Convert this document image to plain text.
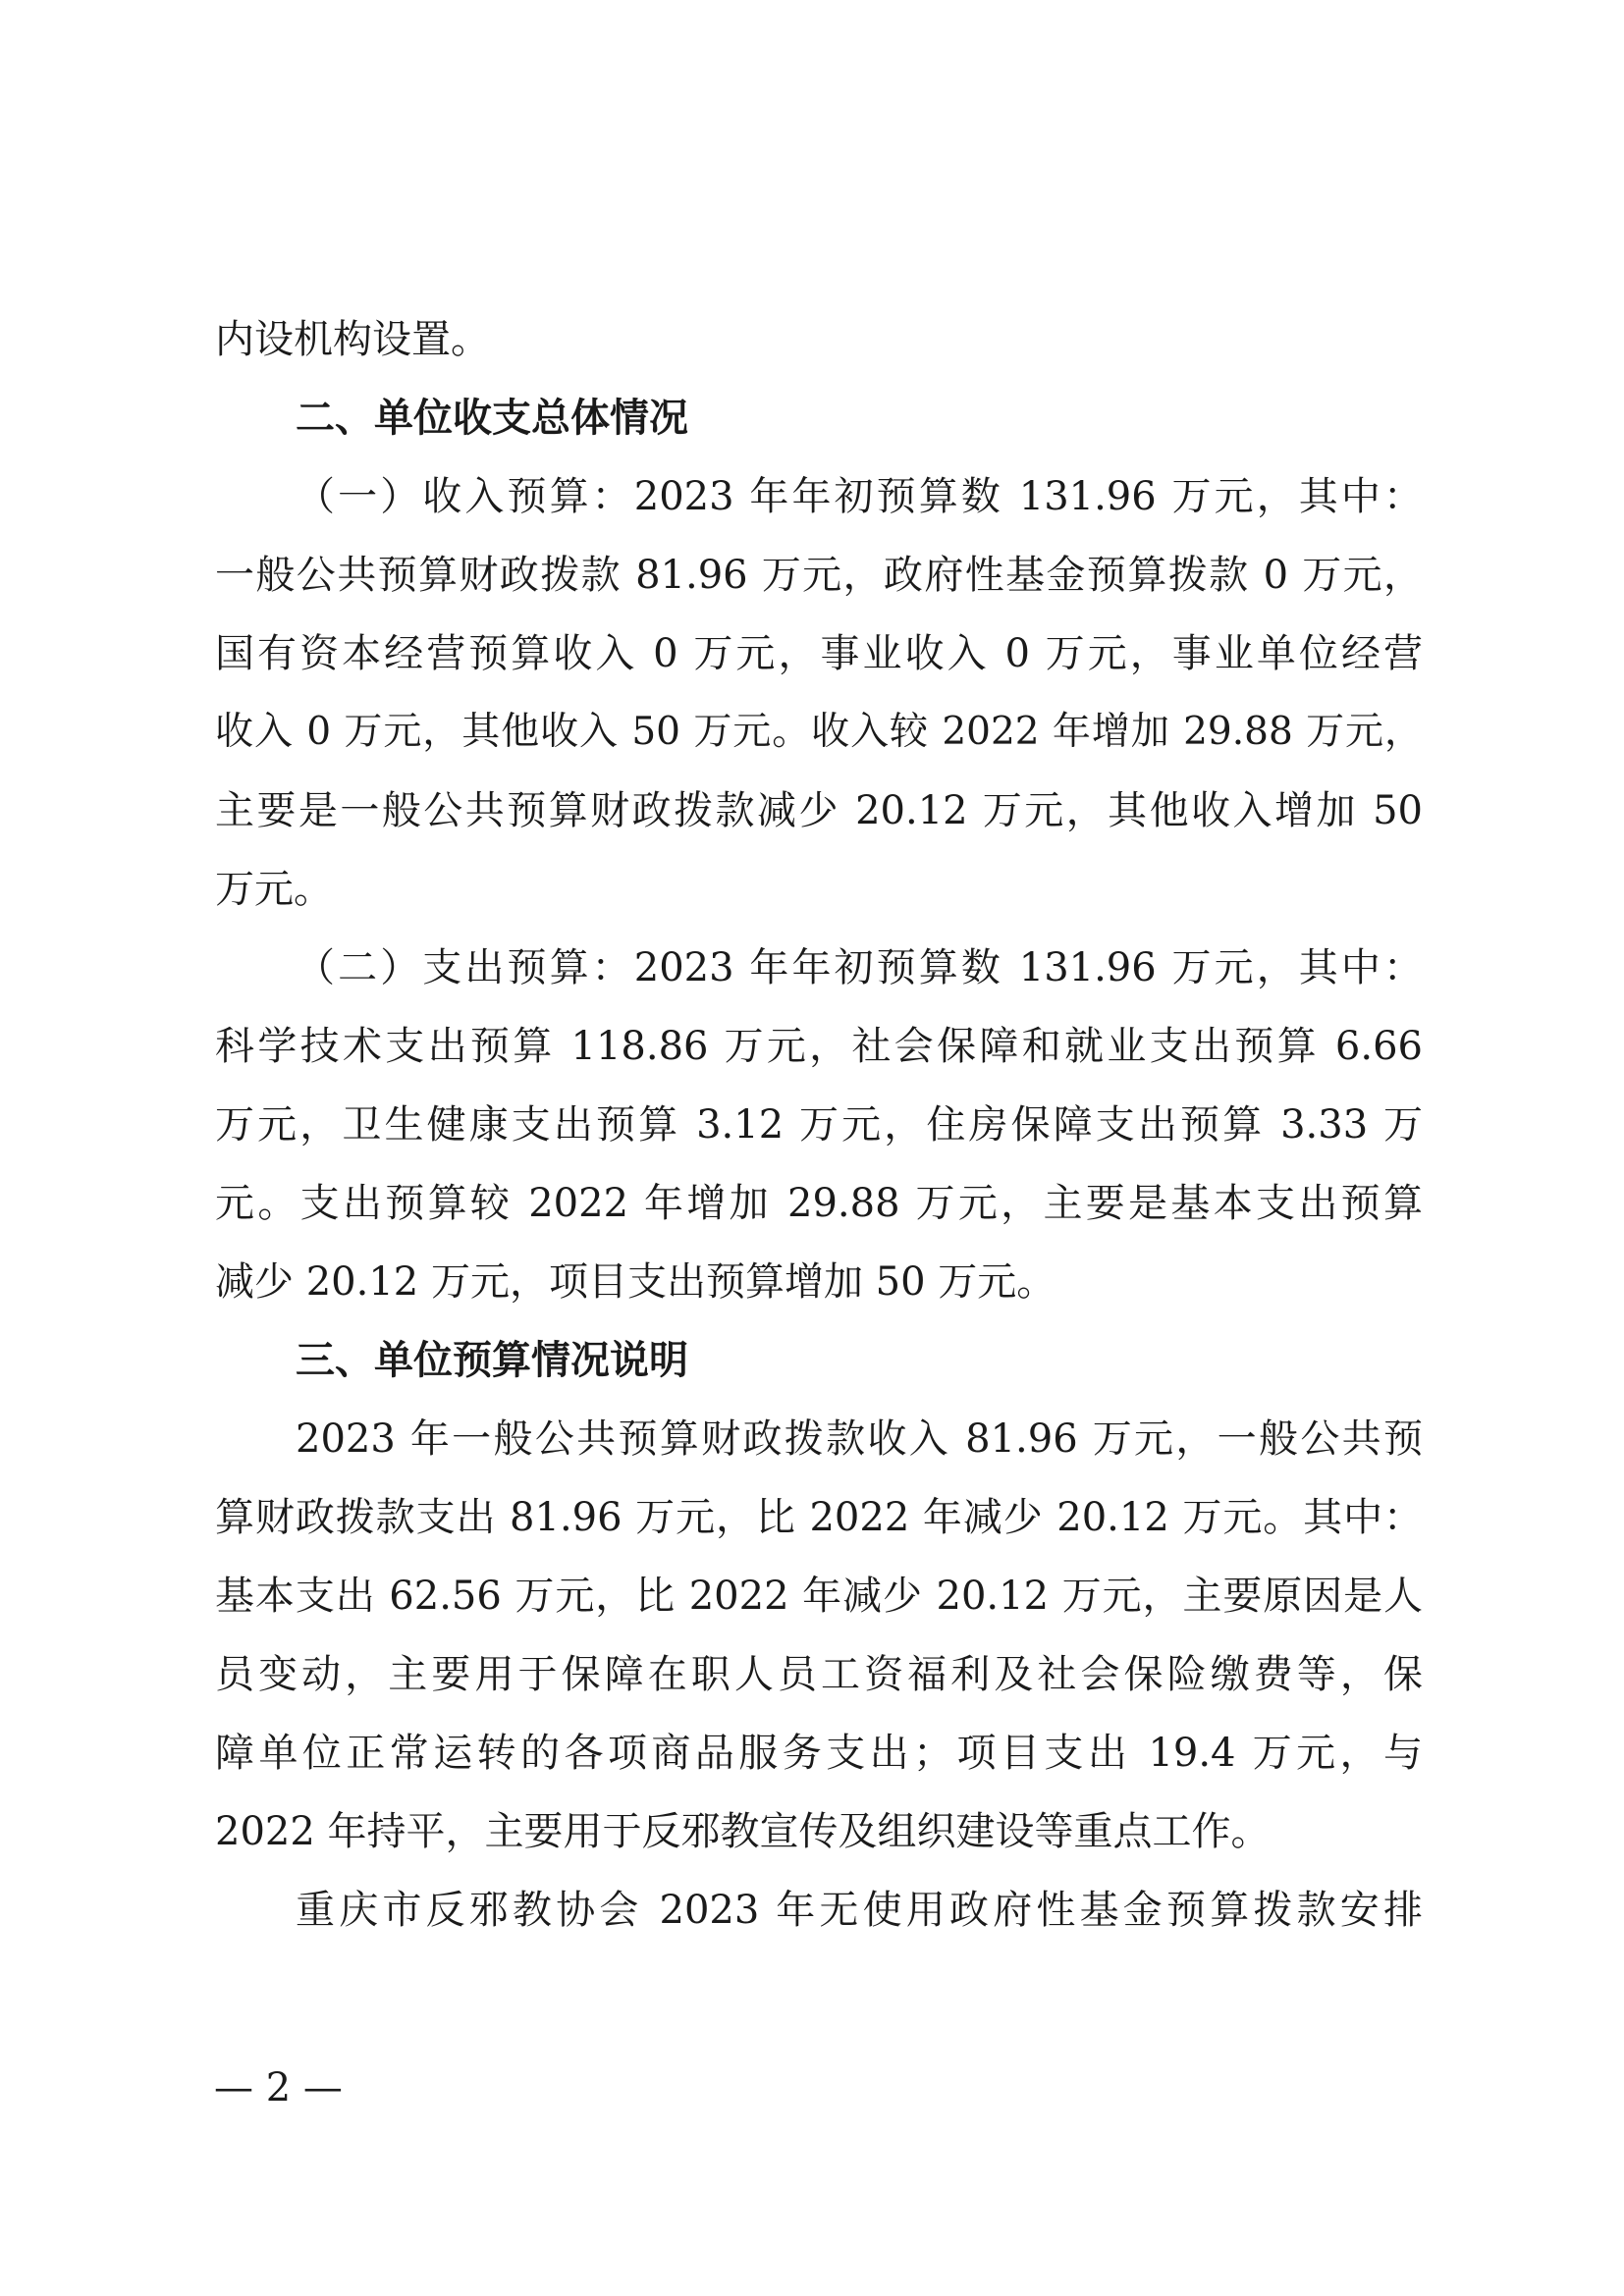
内设机构设置。
二、单位收支总体情况
（一）收入预算：2023 年年初预算数 131.96 万元，其中：
一般公共预算财政拨款 81.96 万元，政府性基金预算拨款 0 万元，
国有资本经营预算收入 0 万元，事业收入 0 万元，事业单位经营
收入 0 万元，其他收入 50 万元。收入较 2022 年增加 29.88 万元，
主要是一般公共预算财政拨款减少 20.12 万元，其他收入增加 50
万元。
（二）支出预算：2023 年年初预算数 131.96 万元，其中：
科学技术支出预算 118.86 万元，社会保障和就业支出预算 6.66
万元，卫生健康支出预算 3.12 万元，住房保障支出预算 3.33 万
元。支出预算较 2022 年增加 29.88 万元，主要是基本支出预算
减少 20.12 万元，项目支出预算增加 50 万元。
三、单位预算情况说明
2023 年一般公共预算财政拨款收入 81.96 万元，一般公共预
算财政拨款支出 81.96 万元，比 2022 年减少 20.12 万元。其中：
基本支出 62.56 万元，比 2022 年减少 20.12 万元，主要原因是人
员变动，主要用于保障在职人员工资福利及社会保险缴费等，保
障单位正常运转的各项商品服务支出；项目支出 19.4 万元，与
2022 年持平，主要用于反邪教宣传及组织建设等重点工作。
重庆市反邪教协会 2023 年无使用政府性基金预算拨款安排
— 2 —
